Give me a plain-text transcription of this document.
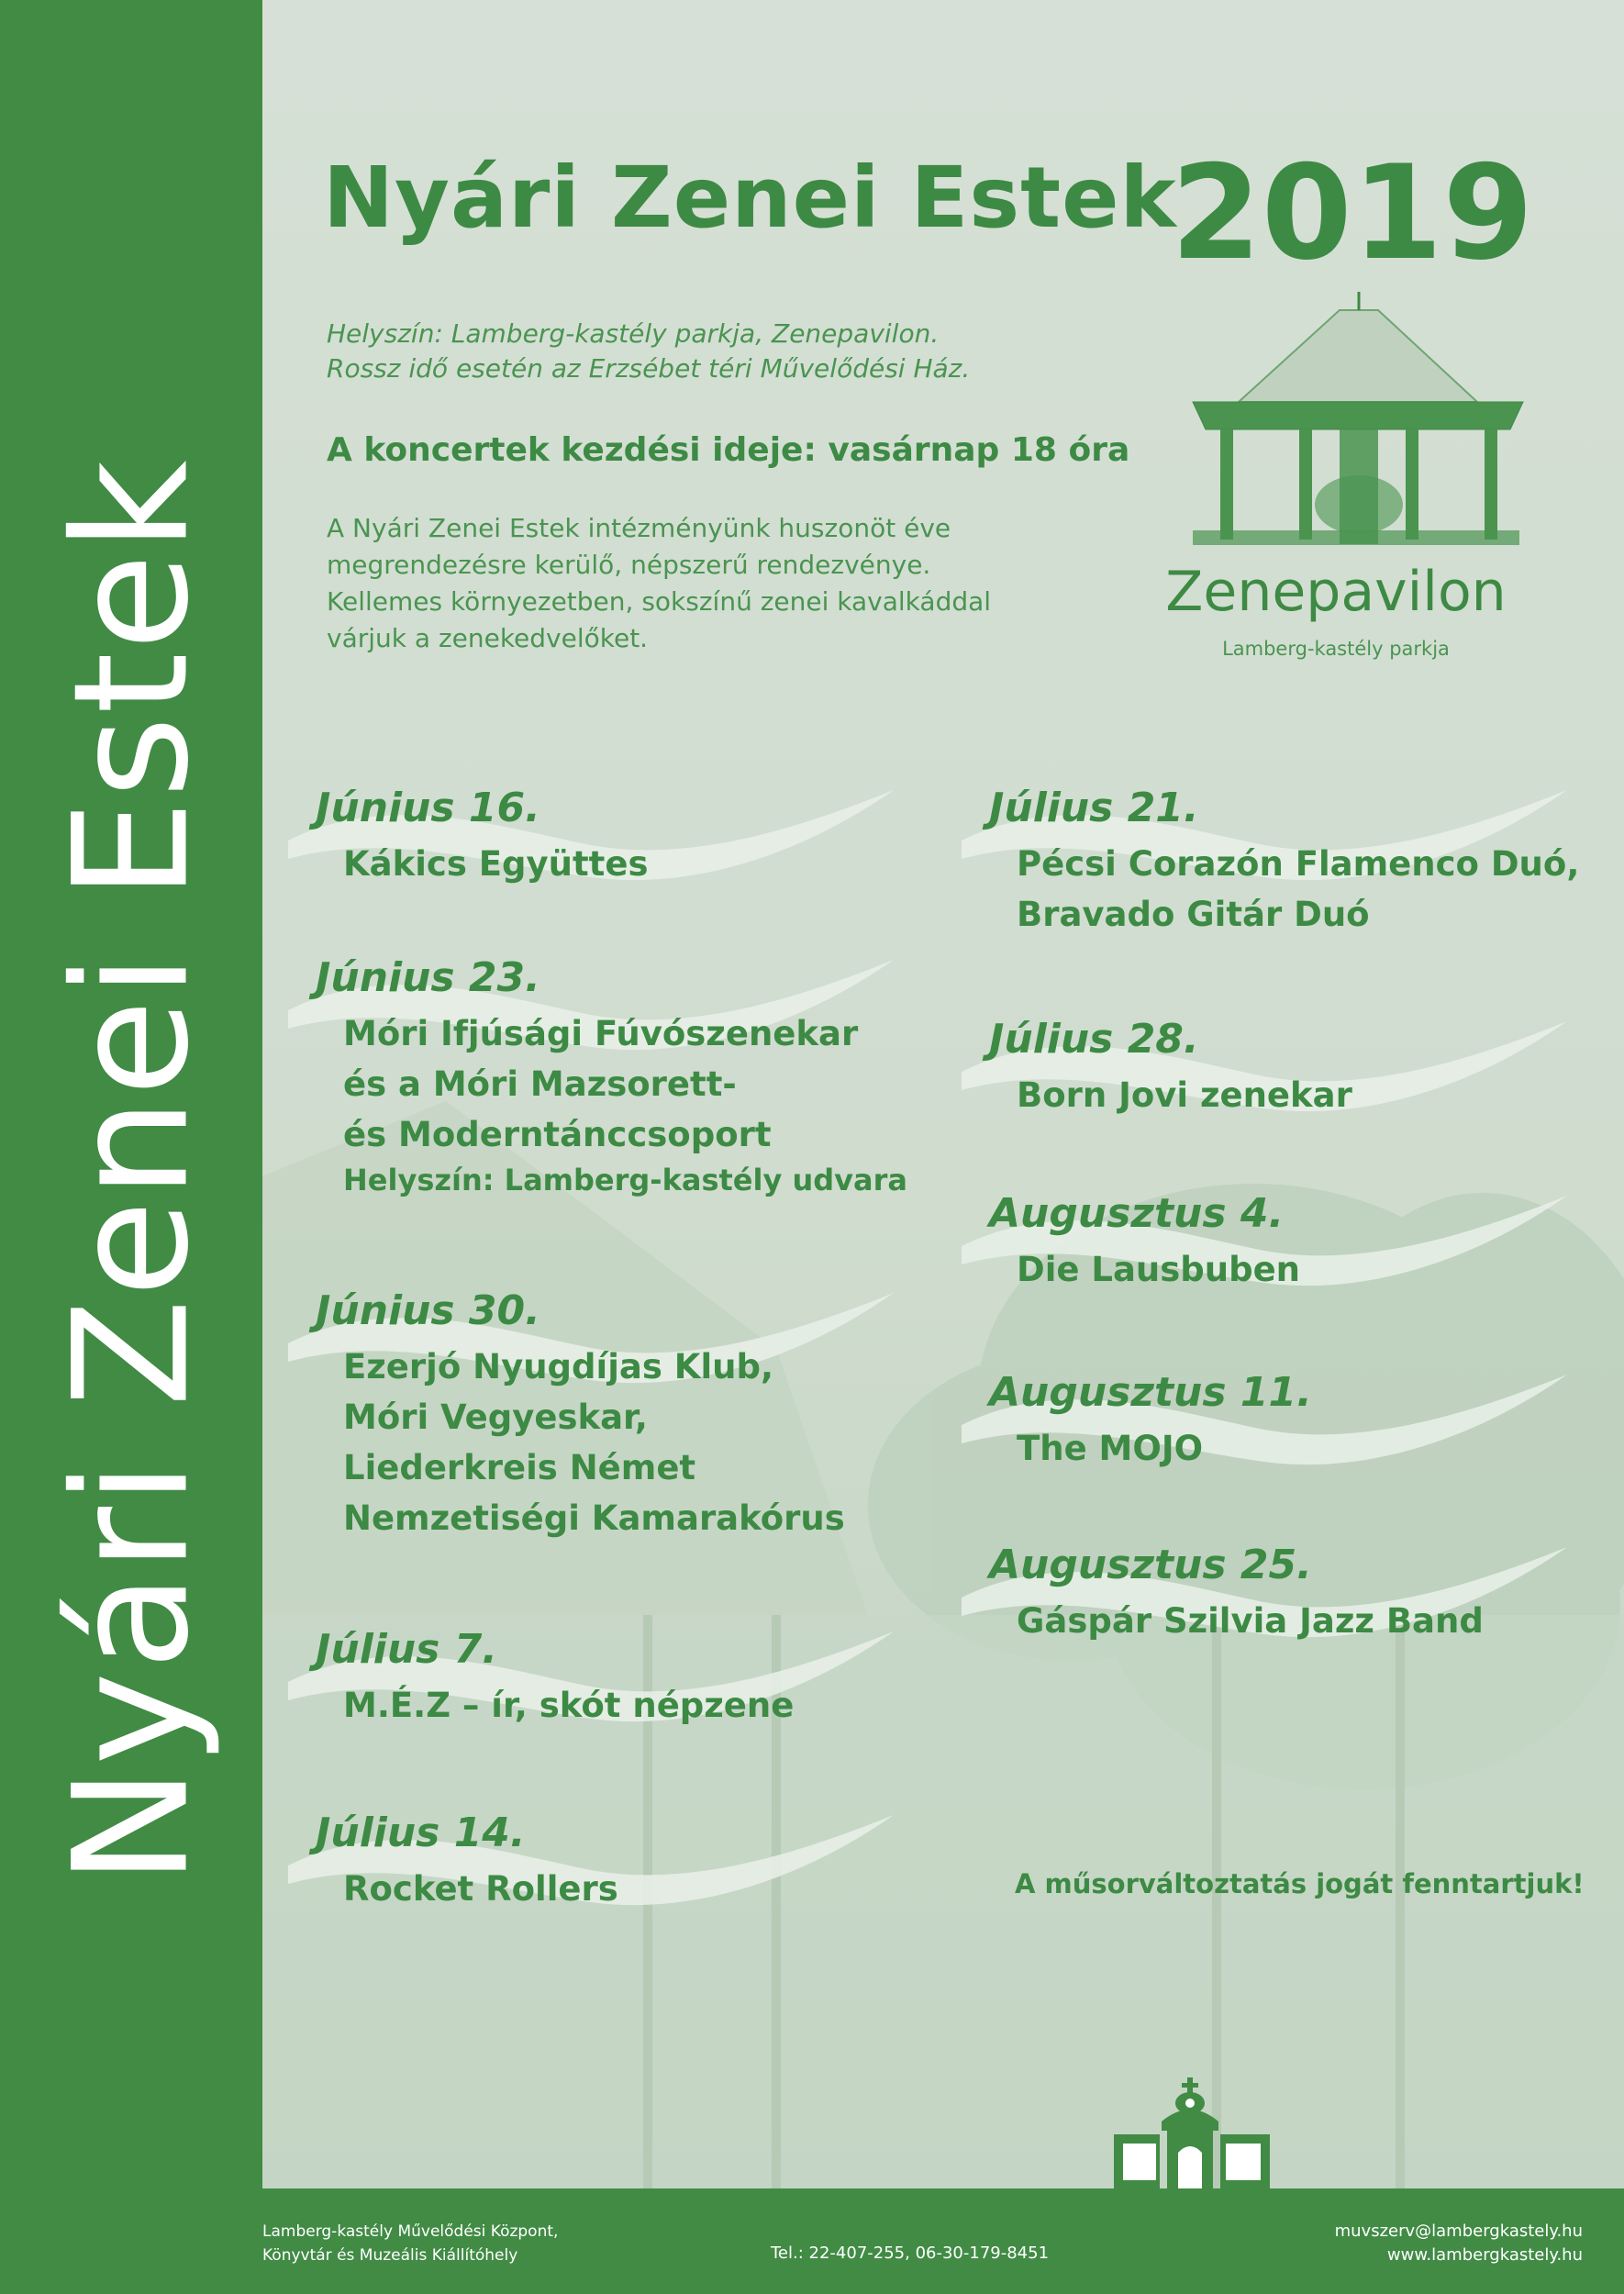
Nyári Zenei Estek
Nyári Zenei Estek
2019
Helyszín: Lamberg-kastély parkja, Zenepavilon.
Rossz idő esetén az Erzsébet téri Művelődési Ház.
A koncertek kezdési ideje: vasárnap 18 óra
A Nyári Zenei Estek intézményünk huszonöt éve
megrendezésre kerülő, népszerű rendezvénye.
Kellemes környezetben, sokszínű zenei kavalkáddal
várjuk a zenekedvelőket.
Zenepavilon
Lamberg-kastély parkja
Június 16.
Kákics Együttes
Június 23.
Móri Ifjúsági Fúvószenekar
és a Móri Mazsorett-
és Moderntánccsoport
Helyszín: Lamberg-kastély udvara
Június 30.
Ezerjó Nyugdíjas Klub,
Móri Vegyeskar,
Liederkreis Német
Nemzetiségi Kamarakórus
Július 7.
M.É.Z – ír, skót népzene
Július 14.
Rocket Rollers
Július 21.
Pécsi Corazón Flamenco Duó,
Bravado Gitár Duó
Július 28.
Born Jovi zenekar
Augusztus 4.
Die Lausbuben
Augusztus 11.
The MOJO
Augusztus 25.
Gáspár Szilvia Jazz Band
A műsorváltoztatás jogát fenntartjuk!
Lamberg-kastély Művelődési Központ,
Könyvtár és Muzeális Kiállítóhely	Tel.: 22-407-255, 06-30-179-8451
muvszerv@lambergkastely.hu
www.lambergkastely.hu
